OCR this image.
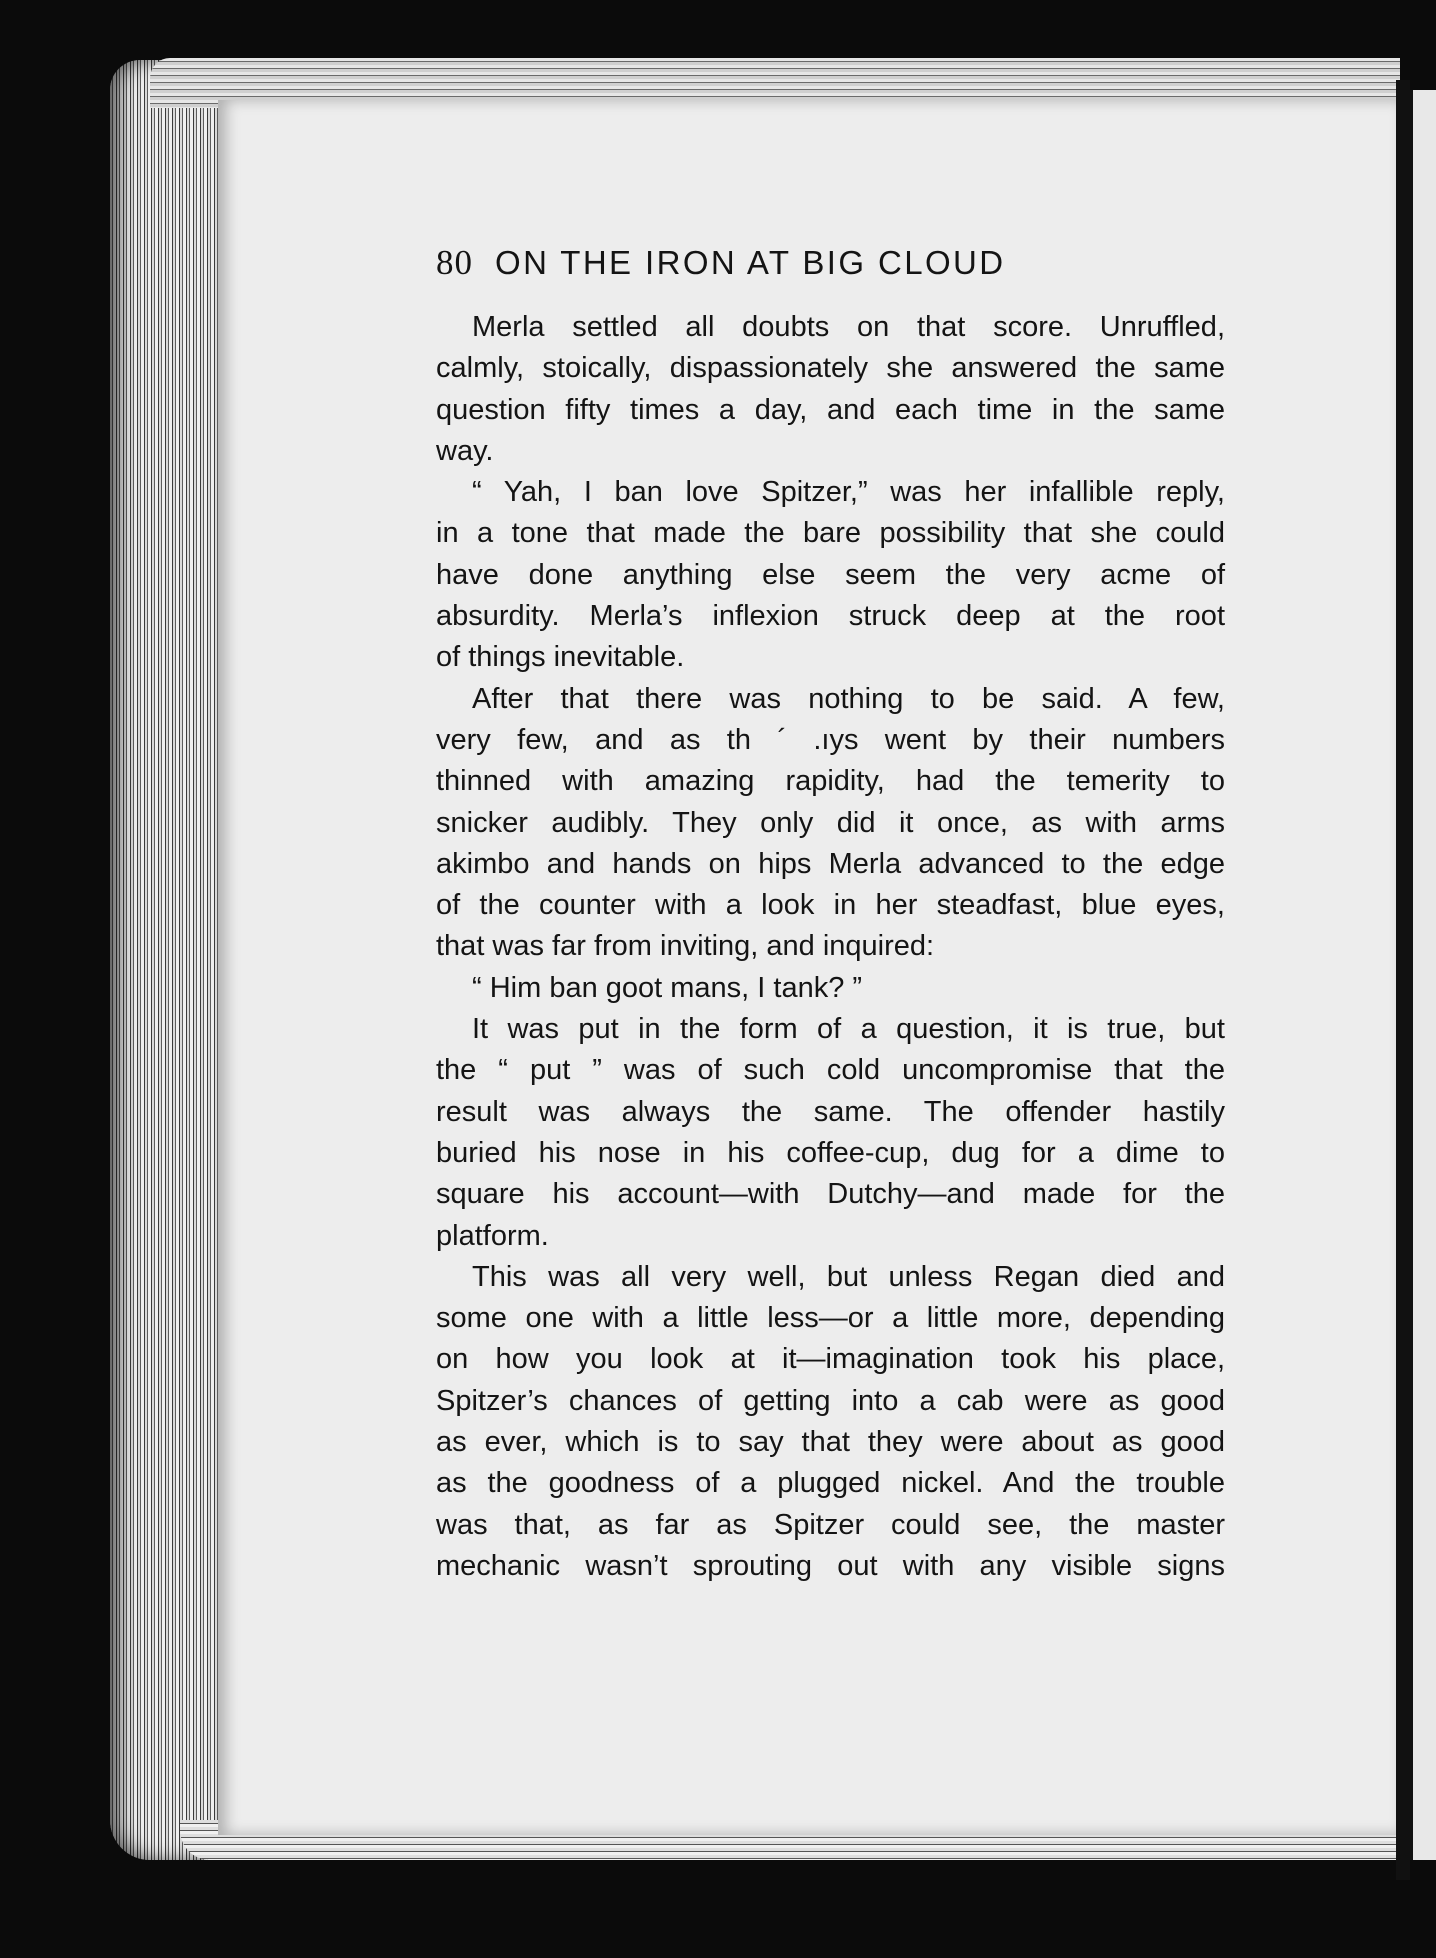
80 ON THE IRON AT BIG CLOUD
Merla settled all doubts on that score. Unruffled,
calmly, stoically, dispassionately she answered the same
question fifty times a day, and each time in the same
way.
“ Yah, I ban love Spitzer,” was her infallible reply,
in a tone that made the bare possibility that she could
have done anything else seem the very acme of
absurdity. Merla’s inflexion struck deep at the root
of things inevitable.
After that there was nothing to be said. A few,
very few, and as th ´ .ıys went by their numbers
thinned with amazing rapidity, had the temerity to
snicker audibly. They only did it once, as with arms
akimbo and hands on hips Merla advanced to the edge
of the counter with a look in her steadfast, blue eyes,
that was far from inviting, and inquired:
“ Him ban goot mans, I tank? ”
It was put in the form of a question, it is true, but
the “ put ” was of such cold uncompromise that the
result was always the same. The offender hastily
buried his nose in his coffee-cup, dug for a dime to
square his account—with Dutchy—and made for the
platform.
This was all very well, but unless Regan died and
some one with a little less—or a little more, depending
on how you look at it—imagination took his place,
Spitzer’s chances of getting into a cab were as good
as ever, which is to say that they were about as good
as the goodness of a plugged nickel. And the trouble
was that, as far as Spitzer could see, the master
mechanic wasn’t sprouting out with any visible signs
